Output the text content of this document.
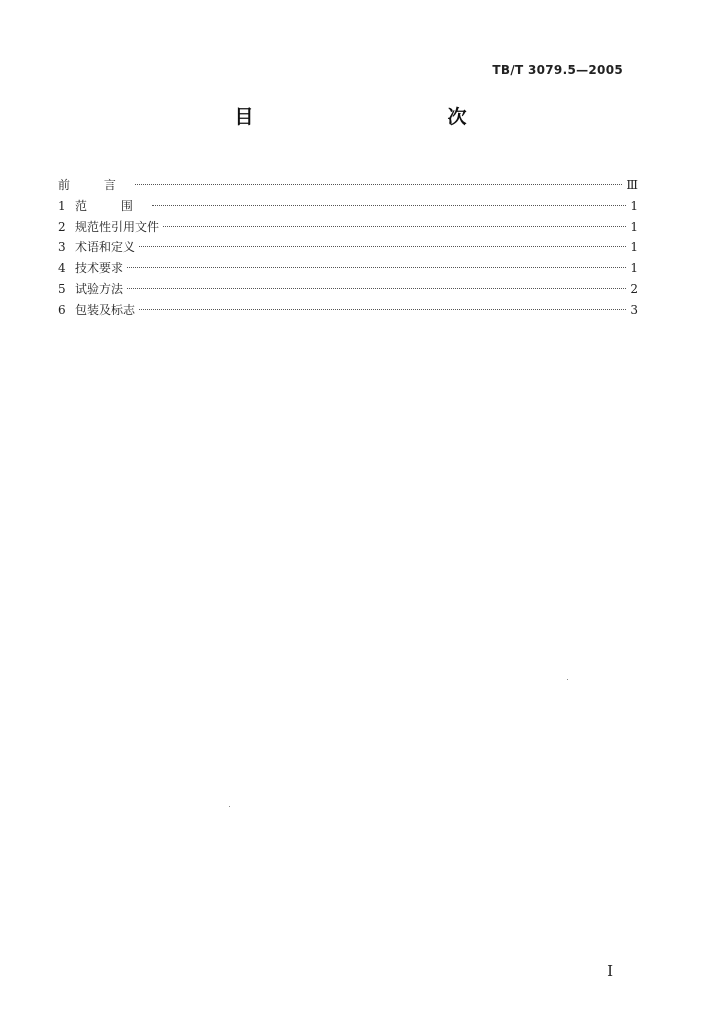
TB/T 3079.5—2005
目　　次
前 言	Ⅲ
1 范 围	1
2 规范性引用文件	1
3 术语和定义	1
4 技术要求	1
5 试验方法	2
6 包装及标志	3
Ⅰ
